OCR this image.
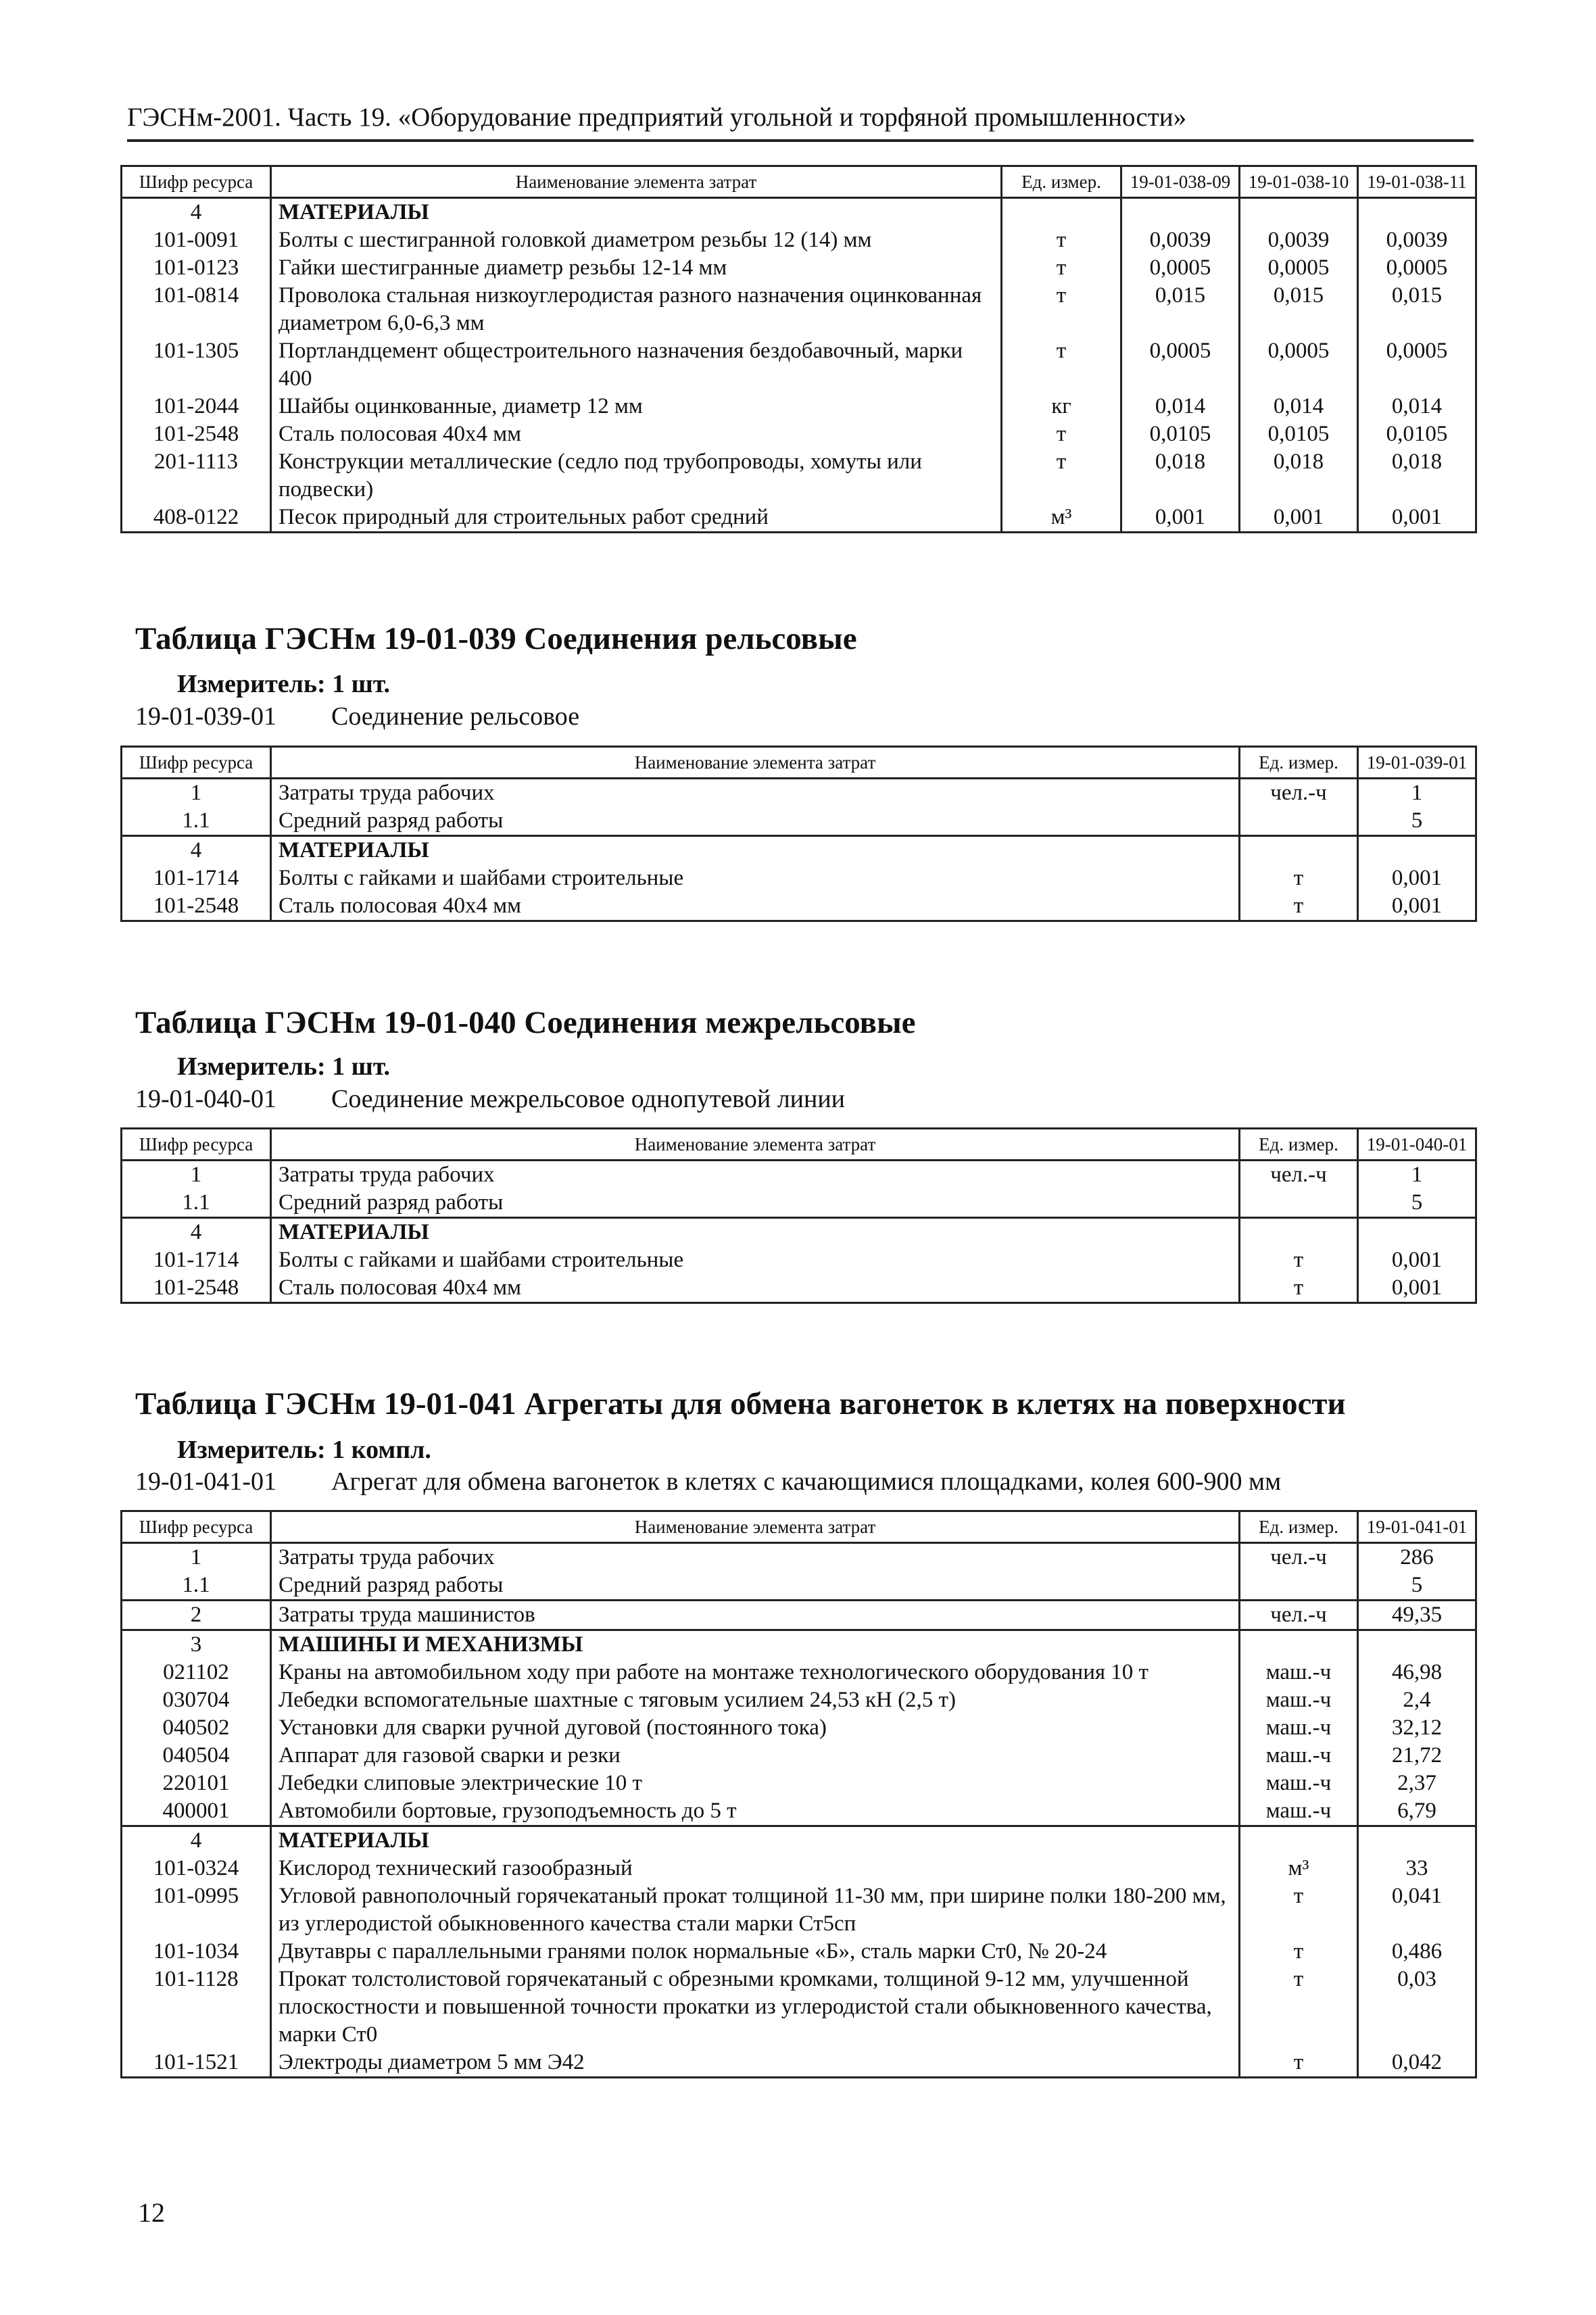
ГЭСНм-2001. Часть 19. «Оборудование предприятий угольной и торфяной промышленности»
Шифр ресурса	Наименование элемента затрат	Ед. измер.	19-01-038-09	19-01-038-10	19-01-038-11
4	МАТЕРИАЛЫ				
101-0091	Болты с шестигранной головкой диаметром резьбы 12 (14) мм	т	0,0039	0,0039	0,0039
101-0123	Гайки шестигранные диаметр резьбы 12-14 мм	т	0,0005	0,0005	0,0005
101-0814	Проволока стальная низкоуглеродистая разного назначения оцинкованная диаметром 6,0-6,3 мм	т	0,015	0,015	0,015
101-1305	Портландцемент общестроительного назначения бездобавочный, марки 400	т	0,0005	0,0005	0,0005
101-2044	Шайбы оцинкованные, диаметр 12 мм	кг	0,014	0,014	0,014
101-2548	Сталь полосовая 40х4 мм	т	0,0105	0,0105	0,0105
201-1113	Конструкции металлические (седло под трубопроводы, хомуты или подвески)	т	0,018	0,018	0,018
408-0122	Песок природный для строительных работ средний	м³	0,001	0,001	0,001
Таблица ГЭСНм 19-01-039 Соединения рельсовые
Измеритель: 1 шт.
19-01-039-01 Соединение рельсовое
Шифр ресурса	Наименование элемента затрат	Ед. измер.	19-01-039-01
1	Затраты труда рабочих	чел.-ч	1
1.1	Средний разряд работы		5
4	МАТЕРИАЛЫ		
101-1714	Болты с гайками и шайбами строительные	т	0,001
101-2548	Сталь полосовая 40х4 мм	т	0,001
Таблица ГЭСНм 19-01-040 Соединения межрельсовые
Измеритель: 1 шт.
19-01-040-01 Соединение межрельсовое однопутевой линии
Шифр ресурса	Наименование элемента затрат	Ед. измер.	19-01-040-01
1	Затраты труда рабочих	чел.-ч	1
1.1	Средний разряд работы		5
4	МАТЕРИАЛЫ		
101-1714	Болты с гайками и шайбами строительные	т	0,001
101-2548	Сталь полосовая 40х4 мм	т	0,001
Таблица ГЭСНм 19-01-041 Агрегаты для обмена вагонеток в клетях на поверхности
Измеритель: 1 компл.
19-01-041-01 Агрегат для обмена вагонеток в клетях с качающимися площадками, колея 600-900 мм
Шифр ресурса	Наименование элемента затрат	Ед. измер.	19-01-041-01
1	Затраты труда рабочих	чел.-ч	286
1.1	Средний разряд работы		5
2	Затраты труда машинистов	чел.-ч	49,35
3	МАШИНЫ И МЕХАНИЗМЫ		
021102	Краны на автомобильном ходу при работе на монтаже технологического оборудования 10 т	маш.-ч	46,98
030704	Лебедки вспомогательные шахтные с тяговым усилием 24,53 кН (2,5 т)	маш.-ч	2,4
040502	Установки для сварки ручной дуговой (постоянного тока)	маш.-ч	32,12
040504	Аппарат для газовой сварки и резки	маш.-ч	21,72
220101	Лебедки слиповые электрические 10 т	маш.-ч	2,37
400001	Автомобили бортовые, грузоподъемность до 5 т	маш.-ч	6,79
4	МАТЕРИАЛЫ		
101-0324	Кислород технический газообразный	м³	33
101-0995	Угловой равнополочный горячекатаный прокат толщиной 11-30 мм, при ширине полки 180-200 мм, из углеродистой обыкновенного качества стали марки Ст5сп	т	0,041
101-1034	Двутавры с параллельными гранями полок нормальные «Б», сталь марки Ст0, № 20-24	т	0,486
101-1128	Прокат толстолистовой горячекатаный с обрезными кромками, толщиной 9-12 мм, улучшенной плоскостности и повышенной точности прокатки из углеродистой стали обыкновенного качества, марки Ст0	т	0,03
101-1521	Электроды диаметром 5 мм Э42	т	0,042
12
